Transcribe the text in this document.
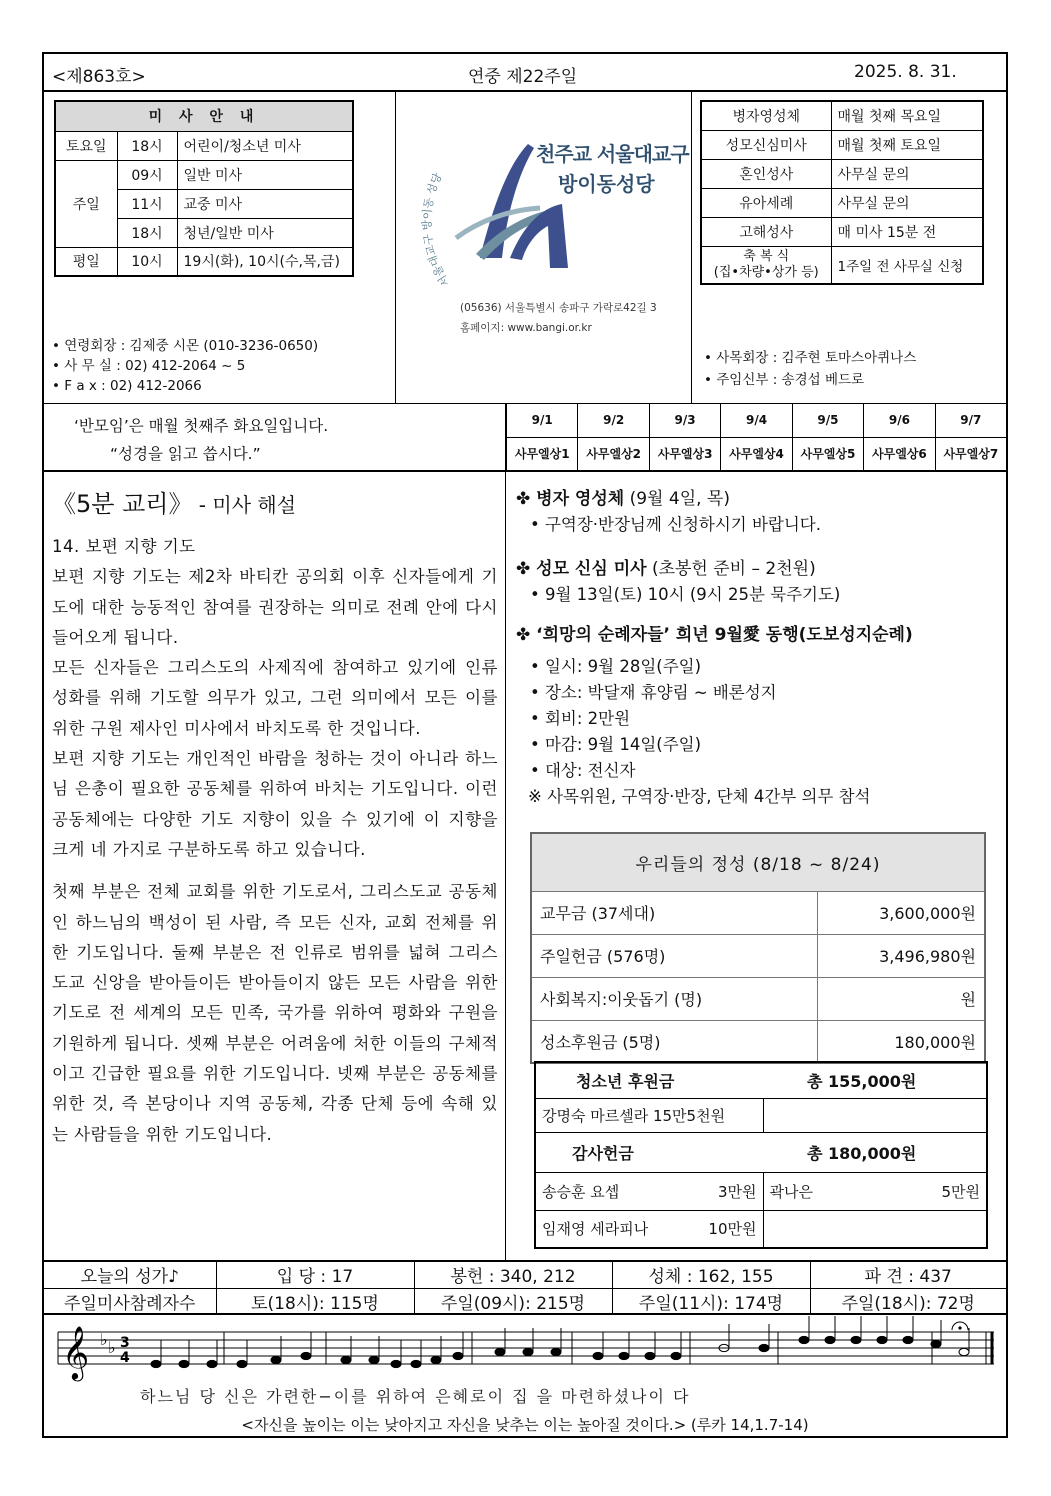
<제863호>	연중 제22주일	2025. 8. 31.
미 사 안 내		
토요일	18시	어린이/청소년 미사
주일	09시	일반 미사
	11시	교중 미사
	18시	청년/일반 미사
평일	10시	19시(화), 10시(수,목,금)
• 연령회장 : 김제중 시몬 (010-3236-0650)
• 사 무 실 : 02) 412-2064 ~ 5
• F a x : 02) 412-2066
서울대교구 방이동 성당
천주교 서울대교구
방이동성당
(05636) 서울특별시 송파구 가락로42길 3
홈페이지: www.bangi.or.kr
병자영성체	매월 첫째 목요일
성모신심미사	매월 첫째 토요일
혼인성사	사무실 문의
유아세례	사무실 문의
고해성사	매 미사 15분 전

축 복 식
(집•차량•상가 등)	1주일 전 사무실 신청
• 사목회장 : 김주현 토마스아퀴나스
• 주임신부 : 송경섭 베드로
‘반모임’은 매월 첫째주 화요일입니다.
“성경을 읽고 씁시다.”
9/1	9/2	9/3	9/4	9/5	9/6	9/7
사무엘상1	사무엘상2	사무엘상3	사무엘상4	사무엘상5	사무엘상6	사무엘상7
《5분 교리》 - 미사 해설
14. 보편 지향 기도

보편 지향 기도는 제2차 바티칸 공의회 이후 신자들에게 기도에 대한 능동적인 참여를 권장하는 의미로 전례 안에 다시 들어오게 됩니다.

모든 신자들은 그리스도의 사제직에 참여하고 있기에 인류 성화를 위해 기도할 의무가 있고, 그런 의미에서 모든 이를 위한 구원 제사인 미사에서 바치도록 한 것입니다.

보편 지향 기도는 개인적인 바람을 청하는 것이 아니라 하느님 은총이 필요한 공동체를 위하여 바치는 기도입니다. 이런 공동체에는 다양한 기도 지향이 있을 수 있기에 이 지향을 크게 네 가지로 구분하도록 하고 있습니다.

첫째 부분은 전체 교회를 위한 기도로서, 그리스도교 공동체인 하느님의 백성이 된 사람, 즉 모든 신자, 교회 전체를 위한 기도입니다. 둘째 부분은 전 인류로 범위를 넓혀 그리스도교 신앙을 받아들이든 받아들이지 않든 모든 사람을 위한 기도로 전 세계의 모든 민족, 국가를 위하여 평화와 구원을 기원하게 됩니다. 셋째 부분은 어려움에 처한 이들의 구체적이고 긴급한 필요를 위한 기도입니다. 넷째 부분은 공동체를 위한 것, 즉 본당이나 지역 공동체, 각종 단체 등에 속해 있는 사람들을 위한 기도입니다.

✤ 병자 영성체 (9월 4일, 목)
• 구역장·반장님께 신청하시기 바랍니다.
✤ 성모 신심 미사 (초봉헌 준비 – 2천원)
• 9월 13일(토) 10시 (9시 25분 묵주기도)
✤ ‘희망의 순례자들’ 희년 9월愛 동행(도보성지순례)
• 일시: 9월 28일(주일)
• 장소: 박달재 휴양림 ~ 배론성지
• 회비: 2만원
• 마감: 9월 14일(주일)
• 대상: 전신자
※ 사목위원, 구역장·반장, 단체 4간부 의무 참석
우리들의 정성 (8/18 ~ 8/24)	
교무금 (37세대)	3,600,000원
주일헌금 (576명)	3,496,980원
사회복지:이웃돕기 (명)	원
성소후원금 (5명)	180,000원
청소년 후원금	총 155,000원
강명숙 마르셀라 15만5천원	
감사헌금	총 180,000원
송승훈 요셉 3만원	곽나은 5만원

임재영 세라피나 10만원	

오늘의 성가♪	입 당 : 17	봉헌 : 340, 212	성체 : 162, 155	파 견 : 437
주일미사참례자수	토(18시): 115명	주일(09시): 215명	주일(11시): 174명	주일(18시): 72명
𝄞 ♭ ♭ 3
4
하느님 당 신은 가련한−이를 위하여 은혜로이 집 을 마련하셨나이 다
<자신을 높이는 이는 낮아지고 자신을 낮추는 이는 높아질 것이다.> (루카 14,1.7-14)
